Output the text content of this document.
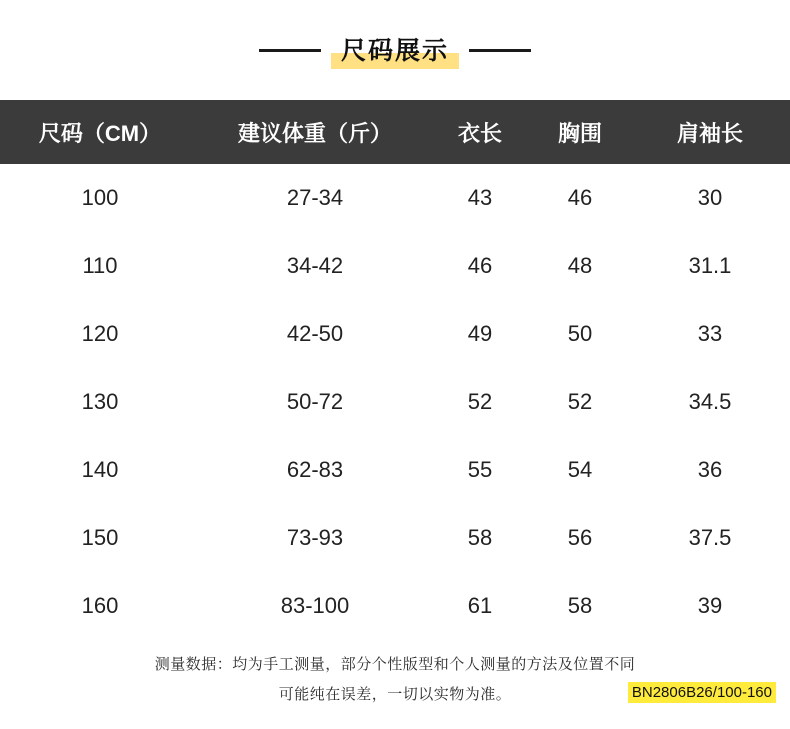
尺码展示
尺码（CM）	建议体重（斤）	衣长	胸围	肩袖长
100	27-34	43	46	30
110	34-42	46	48	31.1
120	42-50	49	50	33
130	50-72	52	52	34.5
140	62-83	55	54	36
150	73-93	58	56	37.5
160	83-100	61	58	39
测量数据：均为手工测量，部分个性版型和个人测量的方法及位置不同
可能纯在误差，一切以实物为准。	BN2806B26/100-160
